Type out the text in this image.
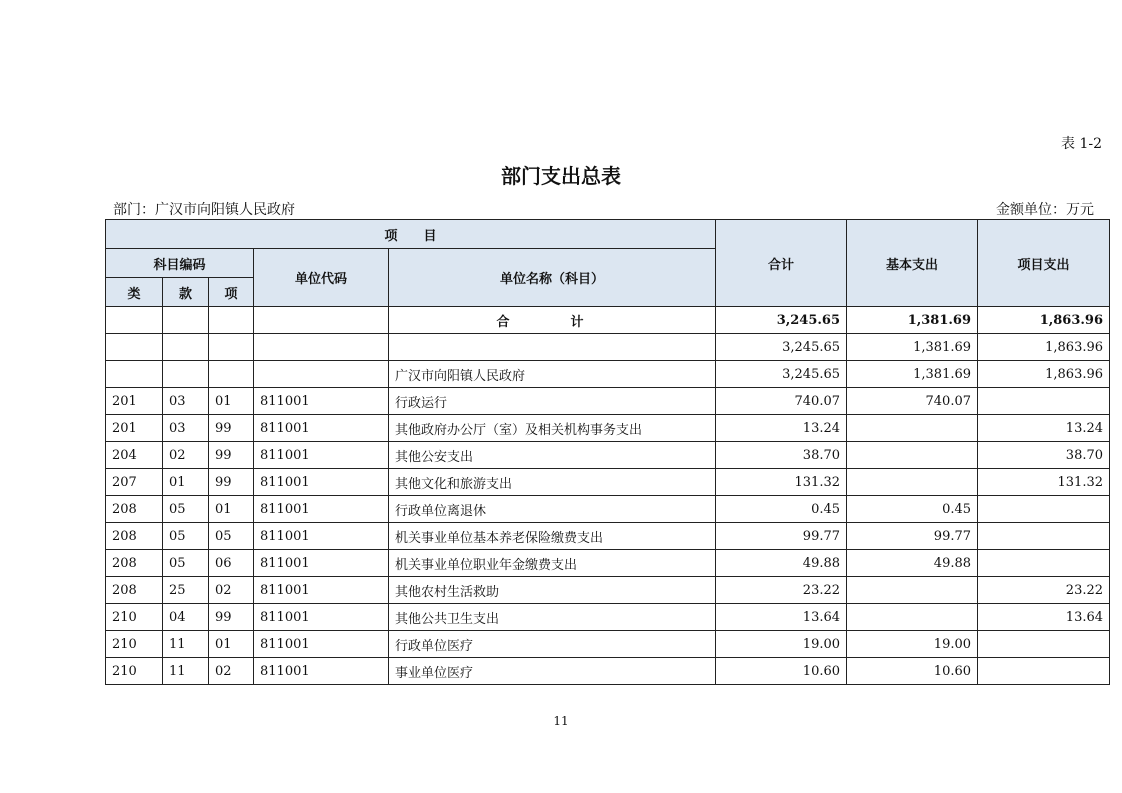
表 1-2
部门支出总表
部门：广汉市向阳镇人民政府	金额单位：万元
项　　目					合计	基本支出	项目支出
科目编码			单位代码	单位名称（科目）			
类	款	项					
				合　计	3,245.65	1,381.69	1,863.96
					3,245.65	1,381.69	1,863.96
				广汉市向阳镇人民政府	3,245.65	1,381.69	1,863.96
201	03	01	811001	行政运行	740.07	740.07	
201	03	99	811001	其他政府办公厅（室）及相关机构事务支出	13.24		13.24
204	02	99	811001	其他公安支出	38.70		38.70
207	01	99	811001	其他文化和旅游支出	131.32		131.32
208	05	01	811001	行政单位离退休	0.45	0.45	
208	05	05	811001	机关事业单位基本养老保险缴费支出	99.77	99.77	
208	05	06	811001	机关事业单位职业年金缴费支出	49.88	49.88	
208	25	02	811001	其他农村生活救助	23.22		23.22
210	04	99	811001	其他公共卫生支出	13.64		13.64
210	11	01	811001	行政单位医疗	19.00	19.00	
210	11	02	811001	事业单位医疗	10.60	10.60	
11
